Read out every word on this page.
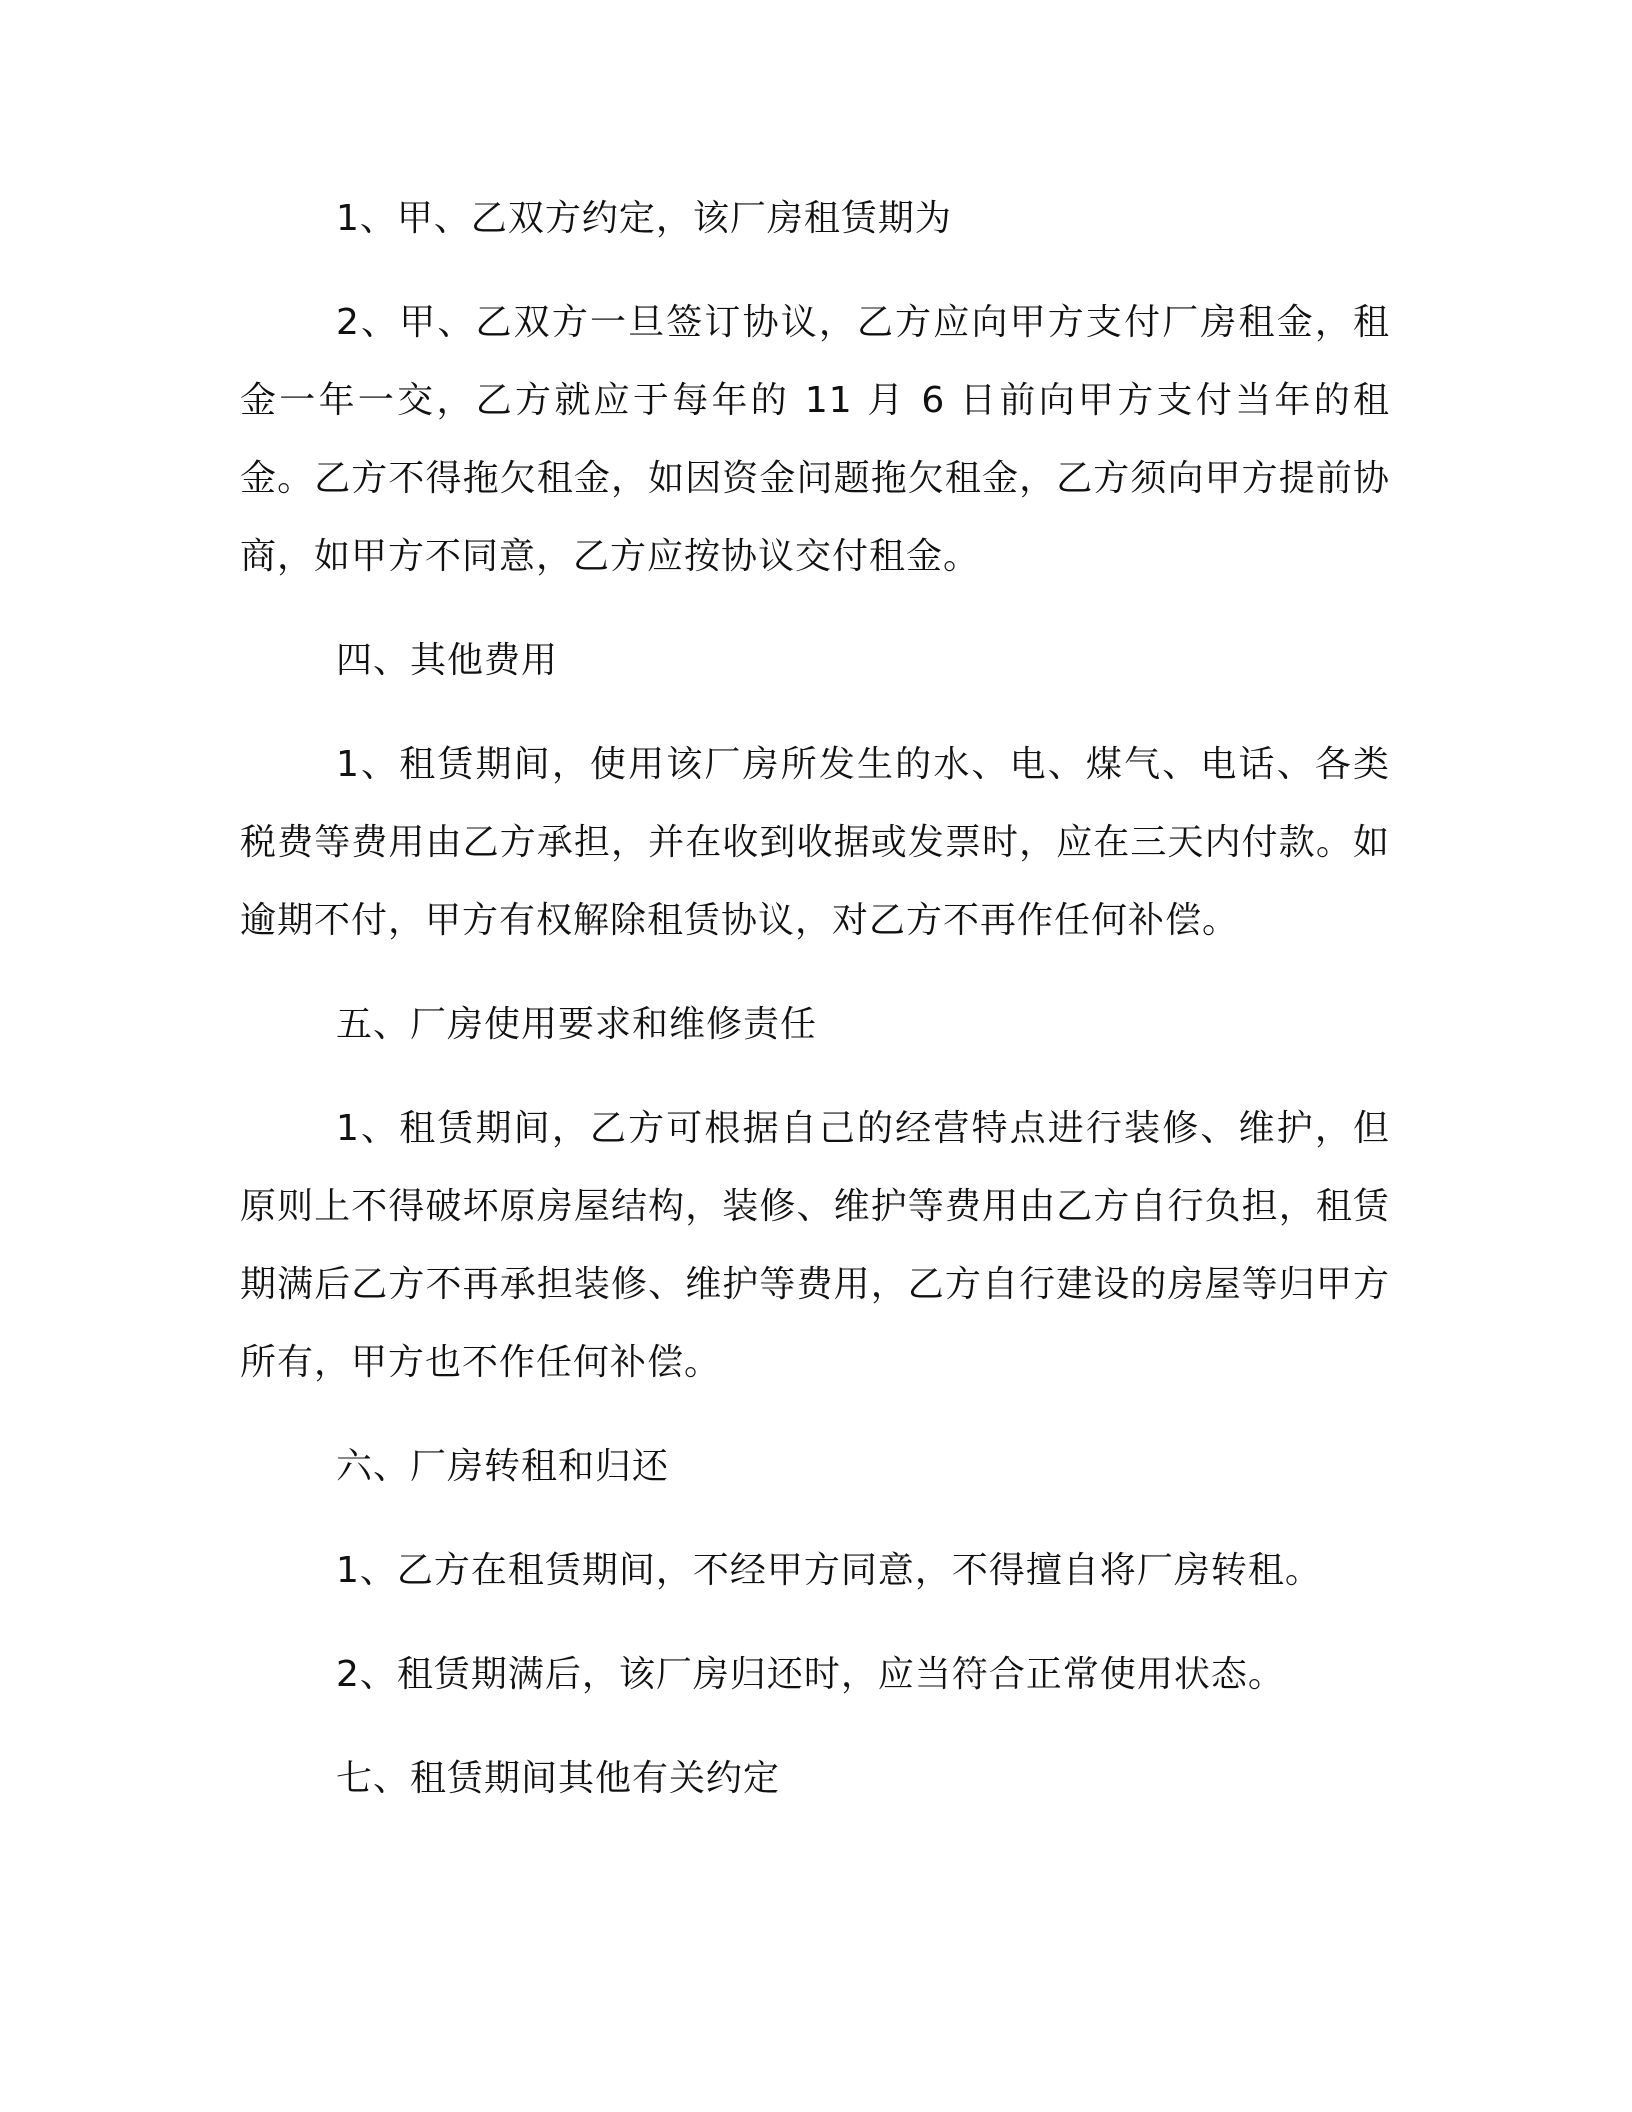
1、甲、乙双方约定，该厂房租赁期为

2、甲、乙双方一旦签订协议，乙方应向甲方支付厂房租金，租金一年一交，乙方就应于每年的 11 月 6 日前向甲方支付当年的租金。乙方不得拖欠租金，如因资金问题拖欠租金，乙方须向甲方提前协商，如甲方不同意，乙方应按协议交付租金。

四、其他费用

1、租赁期间，使用该厂房所发生的水、电、煤气、电话、各类税费等费用由乙方承担，并在收到收据或发票时，应在三天内付款。如逾期不付，甲方有权解除租赁协议，对乙方不再作任何补偿。

五、厂房使用要求和维修责任

1、租赁期间，乙方可根据自己的经营特点进行装修、维护，但原则上不得破坏原房屋结构，装修、维护等费用由乙方自行负担，租赁期满后乙方不再承担装修、维护等费用，乙方自行建设的房屋等归甲方所有，甲方也不作任何补偿。

六、厂房转租和归还

1、乙方在租赁期间，不经甲方同意，不得擅自将厂房转租。

2、租赁期满后，该厂房归还时，应当符合正常使用状态。

七、租赁期间其他有关约定
